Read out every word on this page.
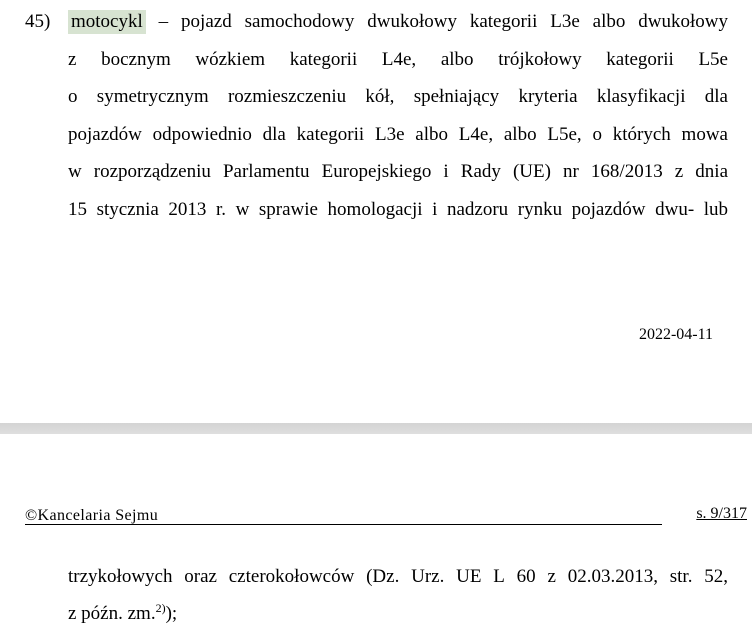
45) motocykl – pojazd samochodowy dwukołowy kategorii L3e albo dwukołowy
z bocznym wózkiem kategorii L4e, albo trójkołowy kategorii L5e
o symetrycznym rozmieszczeniu kół, spełniający kryteria klasyfikacji dla
pojazdów odpowiednio dla kategorii L3e albo L4e, albo L5e, o których mowa
w rozporządzeniu Parlamentu Europejskiego i Rady (UE) nr 168/2013 z dnia
15 stycznia 2013 r. w sprawie homologacji i nadzoru rynku pojazdów dwu- lub
2022-04-11
©Kancelaria Sejmu	s. 9/317
trzykołowych oraz czterokołowców (Dz. Urz. UE L 60 z 02.03.2013, str. 52,
z późn. zm.$^{2)}$);
